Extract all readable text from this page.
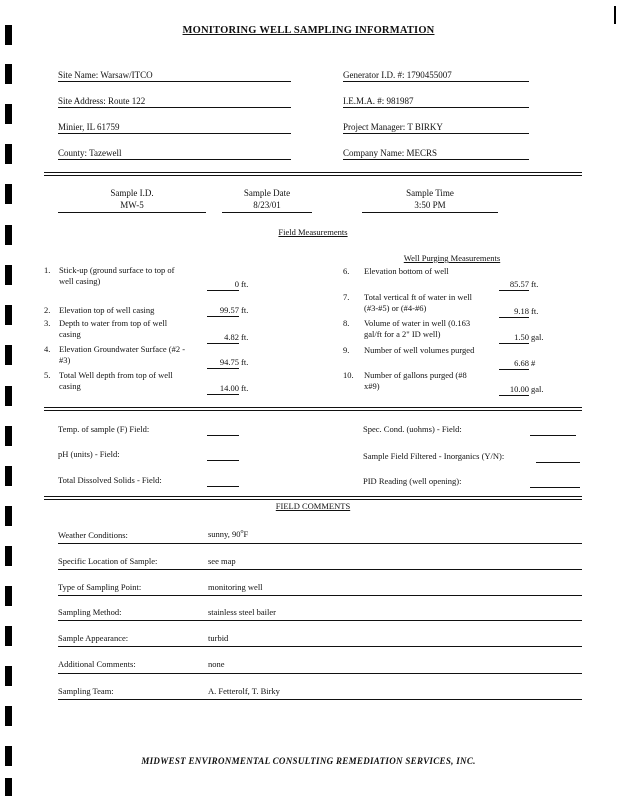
MONITORING WELL SAMPLING INFORMATION
Site Name: Warsaw/ITCO
Site Address: Route 122
Minier, IL 61759
County: Tazewell
Generator I.D. #: 1790455007
I.E.M.A. #: 981987
Project Manager: T BIRKY
Company Name: MECRS
Sample I.D.
MW-5
Sample Date
8/23/01
Sample Time
3:50 PM
Field Measurements
Well Purging Measurements
1. Stick-up (ground surface to top of
well casing)	0 ft.
2. Elevation top of well casing	99.57 ft.
3. Depth to water from top of well
casing	4.82 ft.
4. Elevation Groundwater Surface (#2 -
#3)	94.75 ft.
5. Total Well depth from top of well
casing	14.00 ft.
6. Elevation bottom of well
85.57 ft.
7. Total vertical ft of water in well
(#3-#5) or (#4-#6)	9.18 ft.
8. Volume of water in well (0.163
gal/ft for a 2" ID well)	1.50 gal.
9. Number of well volumes purged
6.68 #
10. Number of gallons purged (#8
x#9)	10.00 gal.
Temp. of sample (F) Field:
pH (units) - Field:
Total Dissolved Solids - Field:
Spec. Cond. (uohms) - Field:
Sample Field Filtered - Inorganics (Y/N):
PID Reading (well opening):
FIELD COMMENTS
Weather Conditions:	sunny, 90$^o$F
Specific Location of Sample:	see map
Type of Sampling Point:	monitoring well
Sampling Method:	stainless steel bailer
Sample Appearance:	turbid
Additional Comments:	none
Sampling Team:	A. Fetterolf, T. Birky
MIDWEST ENVIRONMENTAL CONSULTING REMEDIATION SERVICES, INC.
